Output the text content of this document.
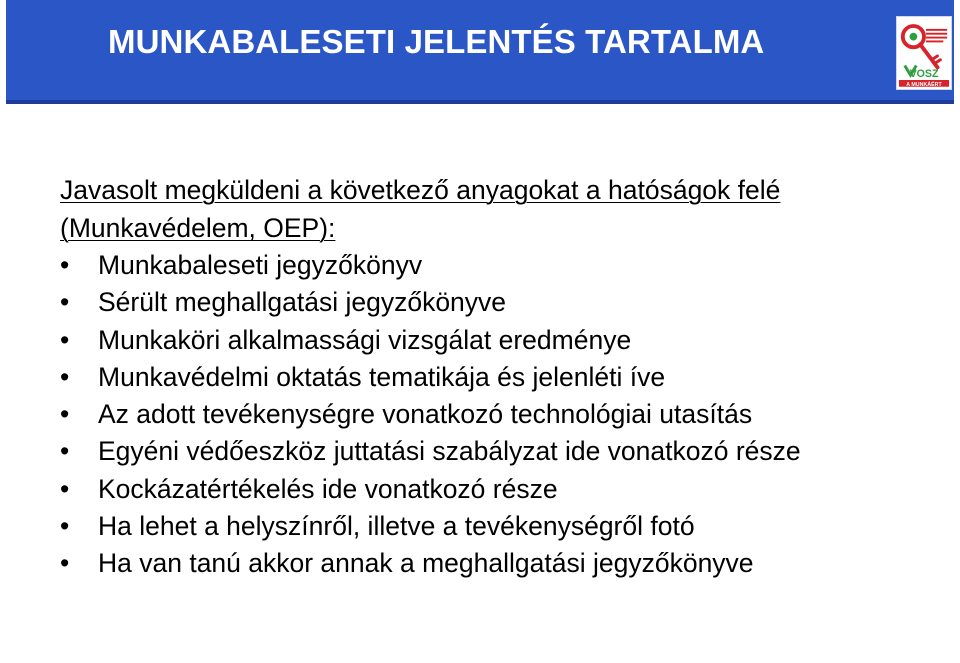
MUNKABALESETI JELENTÉS TARTALMA
VOSZ
A MUNKÁÉRT

Javasolt megküldeni a következő anyagokat a hatóságok felé (Munkavédelem, OEP):

•	Munkabaleseti jegyzőkönyv
•	Sérült meghallgatási jegyzőkönyve
•	Munkaköri alkalmassági vizsgálat eredménye
•	Munkavédelmi oktatás tematikája és jelenléti íve
•	Az adott tevékenységre vonatkozó technológiai utasítás
•	Egyéni védőeszköz juttatási szabályzat ide vonatkozó része
•	Kockázatértékelés ide vonatkozó része
•	Ha lehet a helyszínről, illetve a tevékenységről fotó
•	Ha van tanú akkor annak a meghallgatási jegyzőkönyve
